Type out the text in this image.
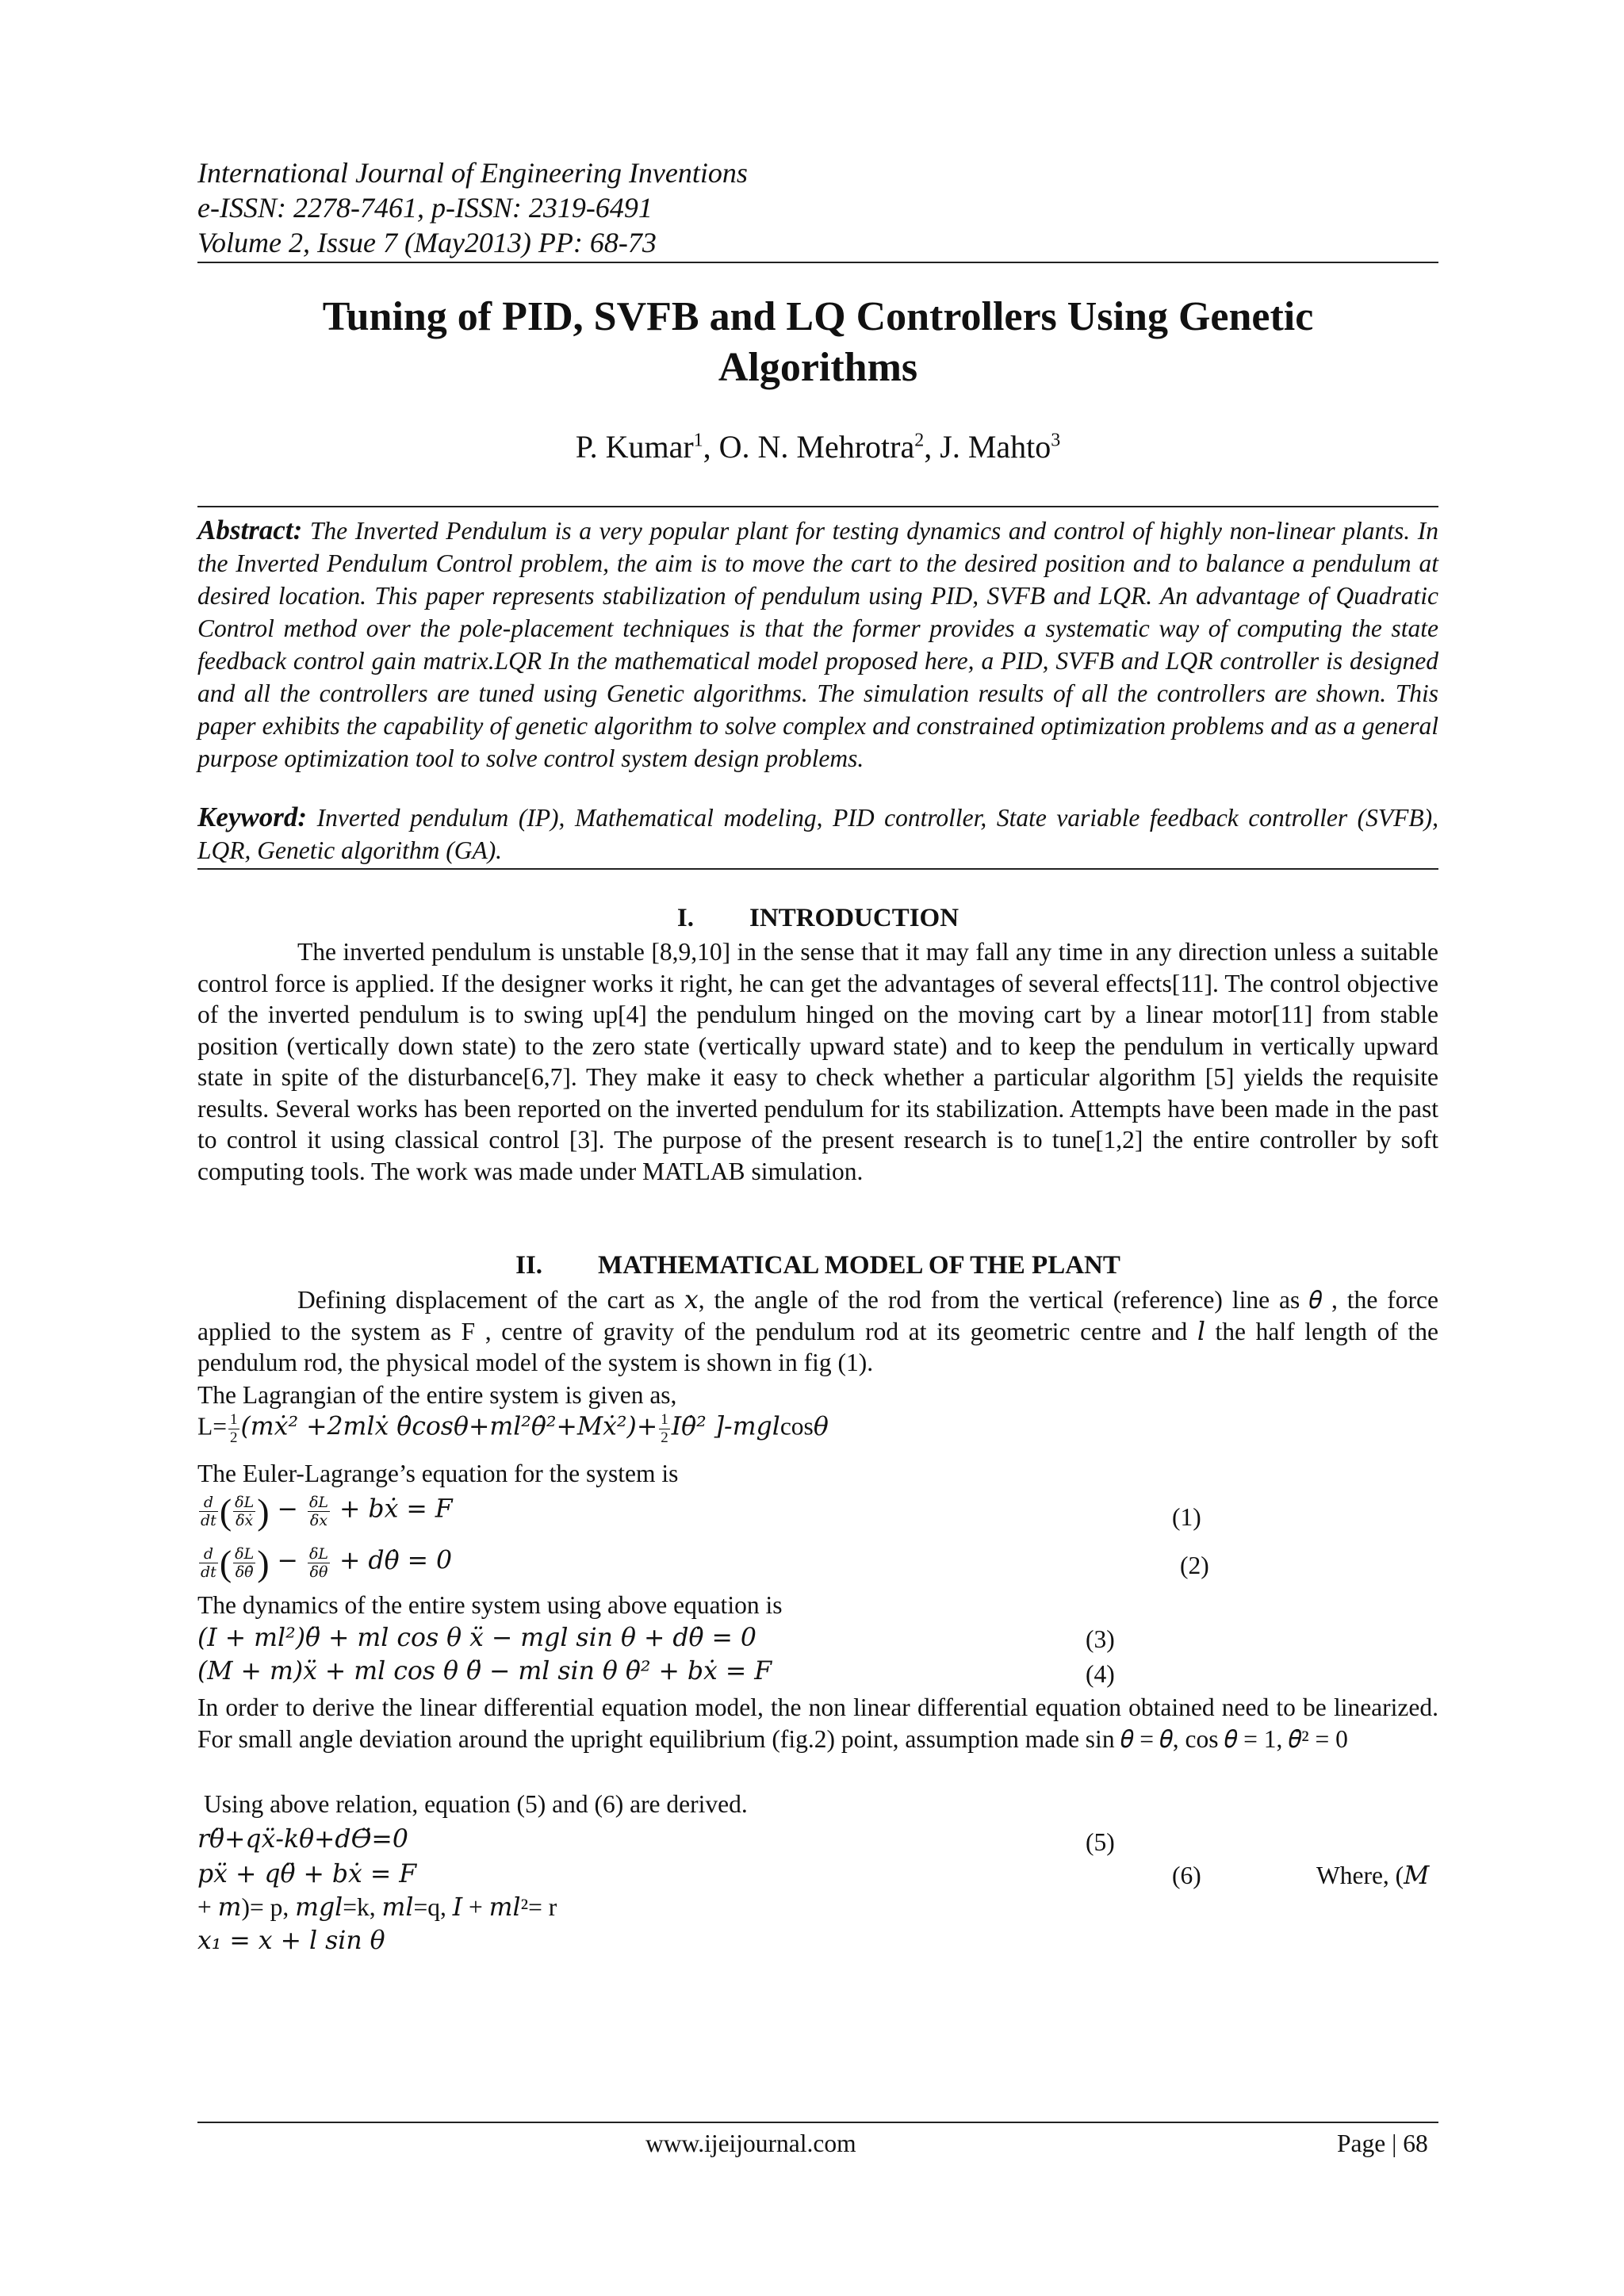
International Journal of Engineering Inventions
e-ISSN: 2278-7461, p-ISSN: 2319-6491
Volume 2, Issue 7 (May2013) PP: 68-73
Tuning of PID, SVFB and LQ Controllers Using Genetic
Algorithms
P. Kumar$^1$, O. N. Mehrotra$^2$, J. Mahto$^3$
Abstract: The Inverted Pendulum is a very popular plant for testing dynamics and control of highly non-linear plants. In the Inverted Pendulum Control problem, the aim is to move the cart to the desired position and to balance a pendulum at desired location. This paper represents stabilization of pendulum using PID, SVFB and LQR. An advantage of Quadratic Control method over the pole-placement techniques is that the former provides a systematic way of computing the state feedback control gain matrix.LQR In the mathematical model proposed here, a PID, SVFB and LQR controller is designed and all the controllers are tuned using Genetic algorithms. The simulation results of all the controllers are shown. This paper exhibits the capability of genetic algorithm to solve complex and constrained optimization problems and as a general purpose optimization tool to solve control system design problems.
Keyword: Inverted pendulum (IP), Mathematical modeling, PID controller, State variable feedback controller (SVFB), LQR, Genetic algorithm (GA).
I. INTRODUCTION
The inverted pendulum is unstable [8,9,10] in the sense that it may fall any time in any direction unless a suitable control force is applied. If the designer works it right, he can get the advantages of several effects[11]. The control objective of the inverted pendulum is to swing up[4] the pendulum hinged on the moving cart by a linear motor[11] from stable position (vertically down state) to the zero state (vertically upward state) and to keep the pendulum in vertically upward state in spite of the disturbance[6,7]. They make it easy to check whether a particular algorithm [5] yields the requisite results. Several works has been reported on the inverted pendulum for its stabilization. Attempts have been made in the past to control it using classical control [3]. The purpose of the present research is to tune[1,2] the entire controller by soft computing tools. The work was made under MATLAB simulation.
II. MATHEMATICAL MODEL OF THE PLANT
Defining displacement of the cart as 𝑥, the angle of the rod from the vertical (reference) line as 𝜃 , the force applied to the system as F , centre of gravity of the pendulum rod at its geometric centre and 𝑙 the half length of the pendulum rod, the physical model of the system is shown in fig (1).
The Lagrangian of the entire system is given as,
$L= \frac{1}{2}$ (mẋ² +2mlẋ θ̇cosθ+ml²θ̇²+Mẋ²)+ $\frac{1}{2}$ Iθ̇² ]-mglcosθ
The Euler-Lagrange’s equation for the system is
$\frac{d}{dt}$ ( $\frac{\delta L}{\text{δẋ}}$ ) − $\frac{\delta L}{\delta x}$ + bẋ = F	(1)
$\frac{d}{dt}$ ( $\frac{\delta L}{\delta\thetȧ}$ ) − $\frac{\delta L}{\delta\theta}$ + dθ̇ = 0	(2)
The dynamics of the entire system using above equation is
(𝐼 + 𝑚𝑙²)𝜃̈ + 𝑚𝑙 cos 𝜃 𝑥̈ − 𝑚𝑔𝑙 sin 𝜃 + 𝑑𝜃̇ = 0	(3)
(𝑀 + 𝑚)𝑥̈ + 𝑚𝑙 cos 𝜃 𝜃̈ − 𝑚𝑙 sin 𝜃 𝜃̇² + 𝑏𝑥̇ = 𝐹	(4)
In order to derive the linear differential equation model, the non linear differential equation obtained need to be linearized. For small angle deviation around the upright equilibrium (fig.2) point, assumption made sin 𝜃 = 𝜃, cos 𝜃 = 1, 𝜃̇² = 0
Using above relation, equation (5) and (6) are derived.
r𝜃̈+q𝑥̈-k𝜃+dϴ̈=0	(5)
𝑝𝑥̈ + 𝑞𝜃̈ + 𝑏𝑥̇ = 𝐹	(6)	Where, (𝑀
+ 𝑚)= p, 𝑚𝑔𝑙=k, 𝑚𝑙=q, 𝐼 + 𝑚𝑙²= r
𝑥₁ = 𝑥 + 𝑙 sin 𝜃
www.ijeijournal.com	Page | 68
